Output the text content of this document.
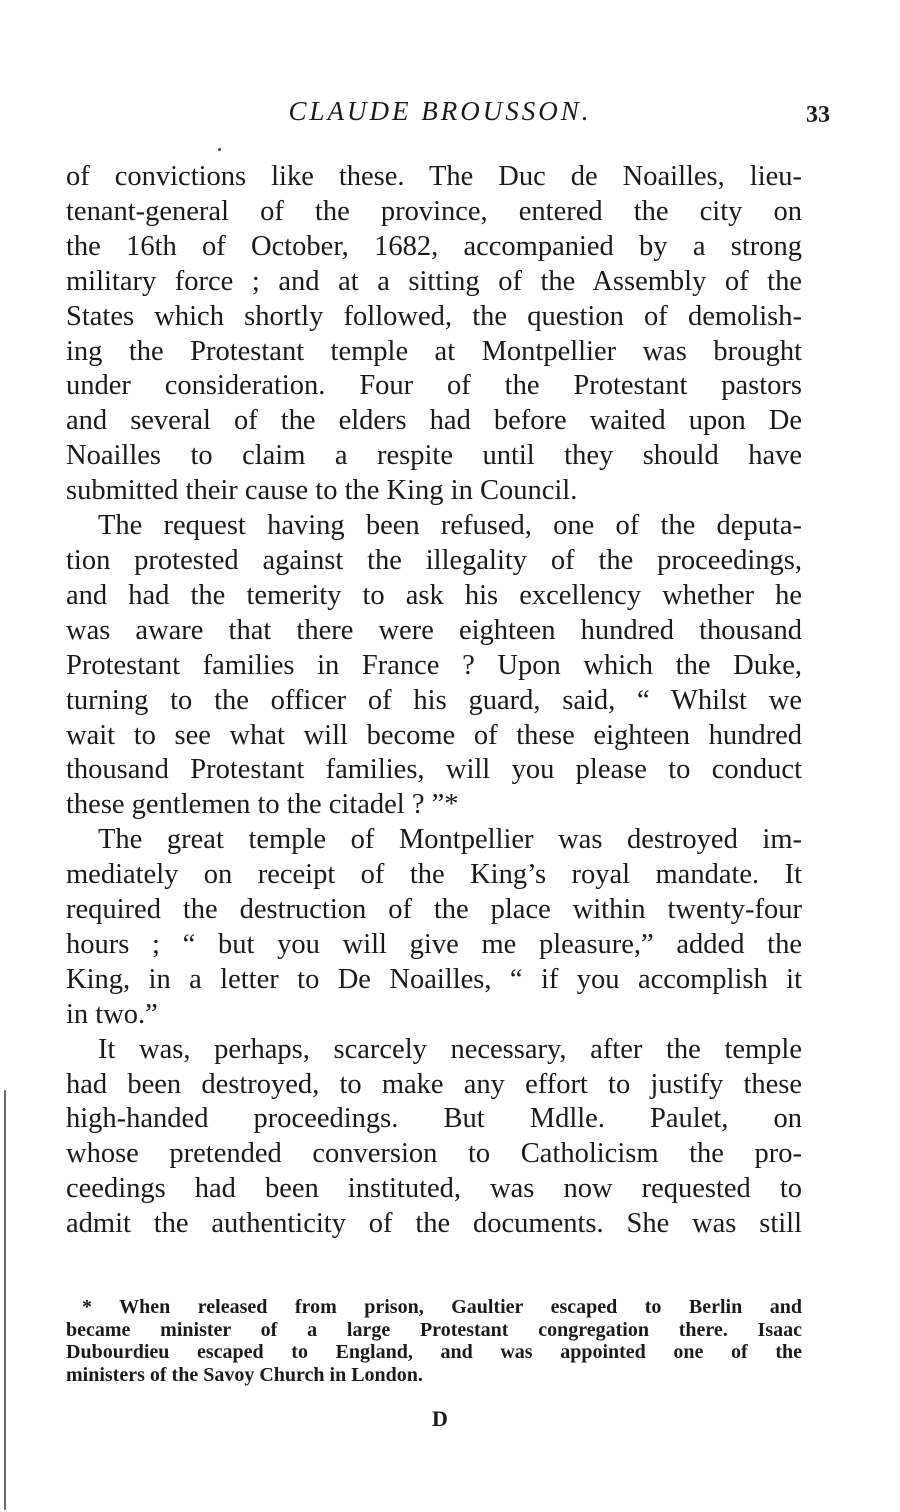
CLAUDE BROUSSON.	33
of convictions like these. The Duc de Noailles, lieu-
tenant-general of the province, entered the city on
the 16th of October, 1682, accompanied by a strong
military force ; and at a sitting of the Assembly of the
States which shortly followed, the question of demolish-
ing the Protestant temple at Montpellier was brought
under consideration. Four of the Protestant pastors
and several of the elders had before waited upon De
Noailles to claim a respite until they should have
submitted their cause to the King in Council.
The request having been refused, one of the deputa-
tion protested against the illegality of the proceedings,
and had the temerity to ask his excellency whether he
was aware that there were eighteen hundred thousand
Protestant families in France ? Upon which the Duke,
turning to the officer of his guard, said, “ Whilst we
wait to see what will become of these eighteen hundred
thousand Protestant families, will you please to conduct
these gentlemen to the citadel ? ”*
The great temple of Montpellier was destroyed im-
mediately on receipt of the King’s royal mandate. It
required the destruction of the place within twenty-four
hours ; “ but you will give me pleasure,” added the
King, in a letter to De Noailles, “ if you accomplish it
in two.”
It was, perhaps, scarcely necessary, after the temple
had been destroyed, to make any effort to justify these
high-handed proceedings. But Mdlle. Paulet, on
whose pretended conversion to Catholicism the pro-
ceedings had been instituted, was now requested to
admit the authenticity of the documents. She was still
* When released from prison, Gaultier escaped to Berlin and
became minister of a large Protestant congregation there. Isaac
Dubourdieu escaped to England, and was appointed one of the
ministers of the Savoy Church in London.
D
